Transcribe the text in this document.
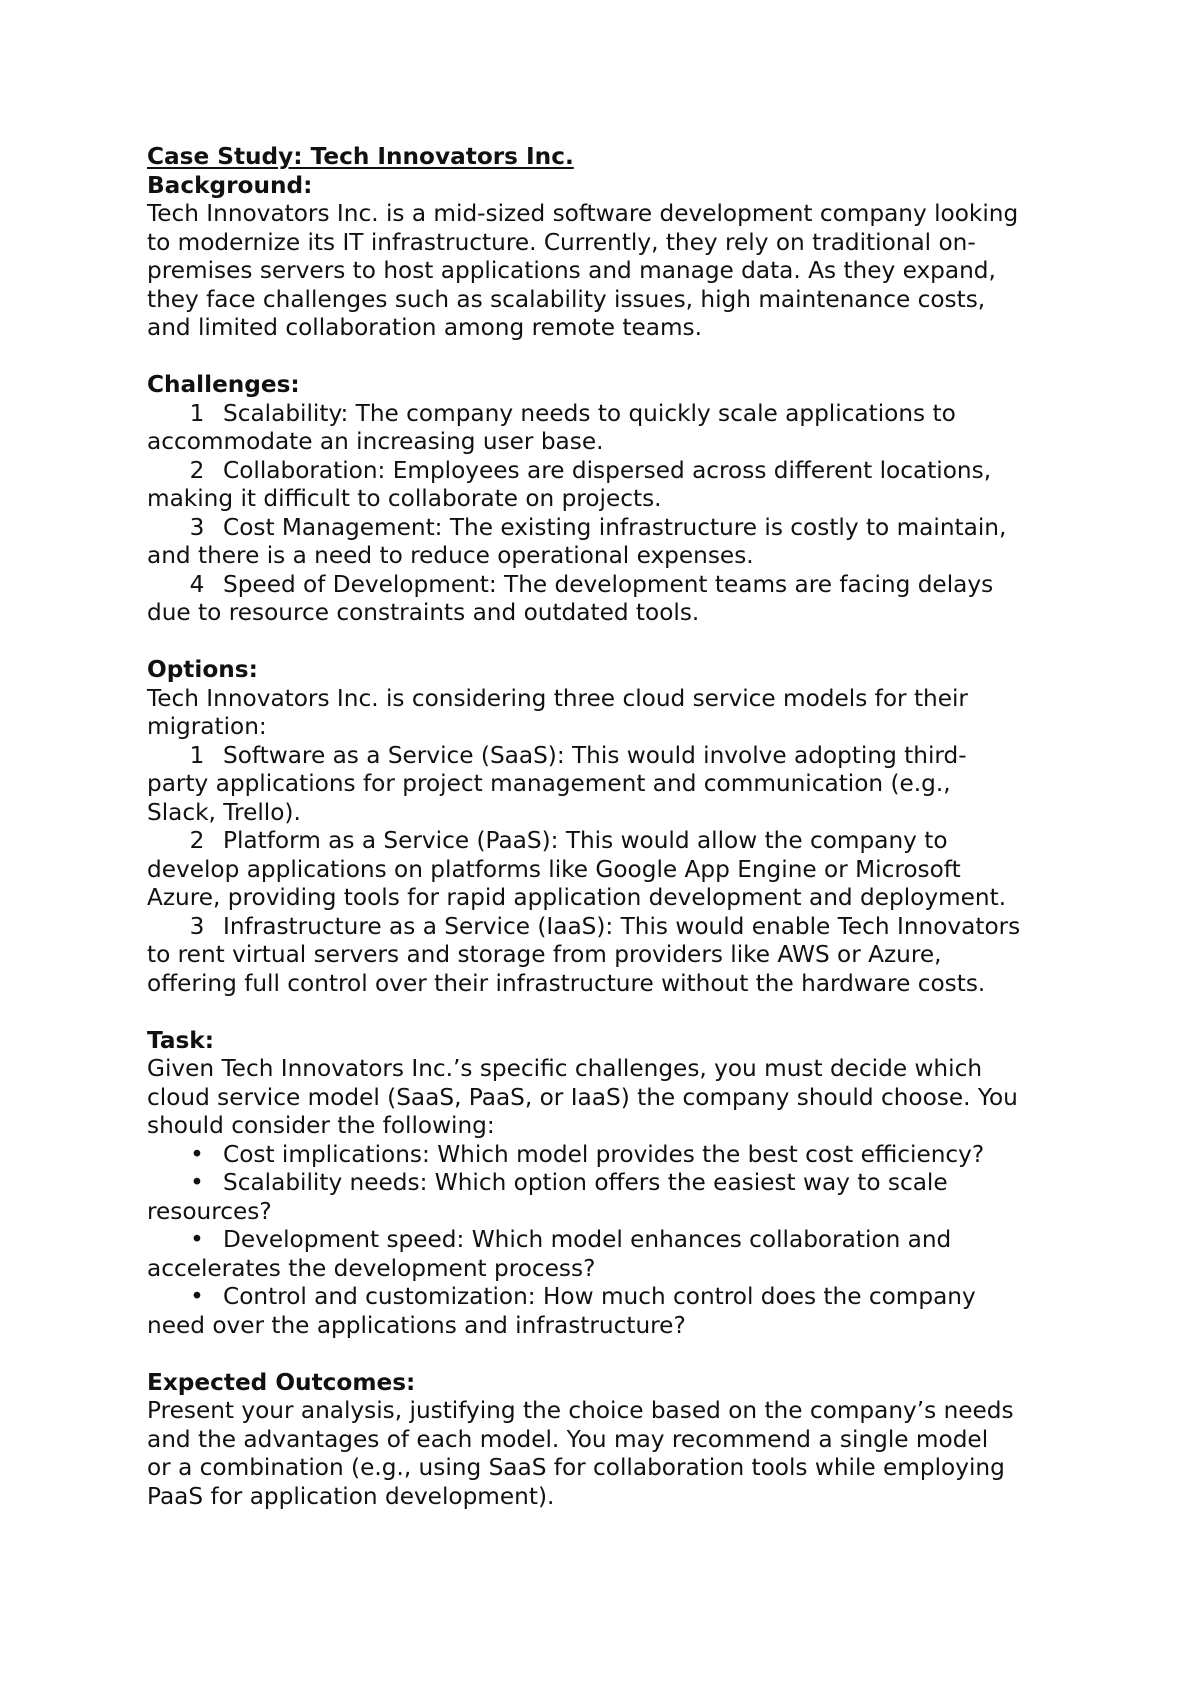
Case Study: Tech Innovators Inc.

Background:

Tech Innovators Inc. is a mid-sized software development company looking

to modernize its IT infrastructure. Currently, they rely on traditional on-

premises servers to host applications and manage data. As they expand,

they face challenges such as scalability issues, high maintenance costs,

and limited collaboration among remote teams.

Challenges:

1 Scalability: The company needs to quickly scale applications to

accommodate an increasing user base.

2 Collaboration: Employees are dispersed across different locations,

making it difficult to collaborate on projects.

3 Cost Management: The existing infrastructure is costly to maintain,

and there is a need to reduce operational expenses.

4 Speed of Development: The development teams are facing delays

due to resource constraints and outdated tools.

Options:

Tech Innovators Inc. is considering three cloud service models for their

migration:

1 Software as a Service (SaaS): This would involve adopting third-

party applications for project management and communication (e.g.,

Slack, Trello).

2 Platform as a Service (PaaS): This would allow the company to

develop applications on platforms like Google App Engine or Microsoft

Azure, providing tools for rapid application development and deployment.

3 Infrastructure as a Service (IaaS): This would enable Tech Innovators

to rent virtual servers and storage from providers like AWS or Azure,

offering full control over their infrastructure without the hardware costs.

Task:

Given Tech Innovators Inc.’s specific challenges, you must decide which

cloud service model (SaaS, PaaS, or IaaS) the company should choose. You

should consider the following:

• Cost implications: Which model provides the best cost efficiency?

• Scalability needs: Which option offers the easiest way to scale

resources?

• Development speed: Which model enhances collaboration and

accelerates the development process?

• Control and customization: How much control does the company

need over the applications and infrastructure?

Expected Outcomes:

Present your analysis, justifying the choice based on the company’s needs

and the advantages of each model. You may recommend a single model

or a combination (e.g., using SaaS for collaboration tools while employing

PaaS for application development).
